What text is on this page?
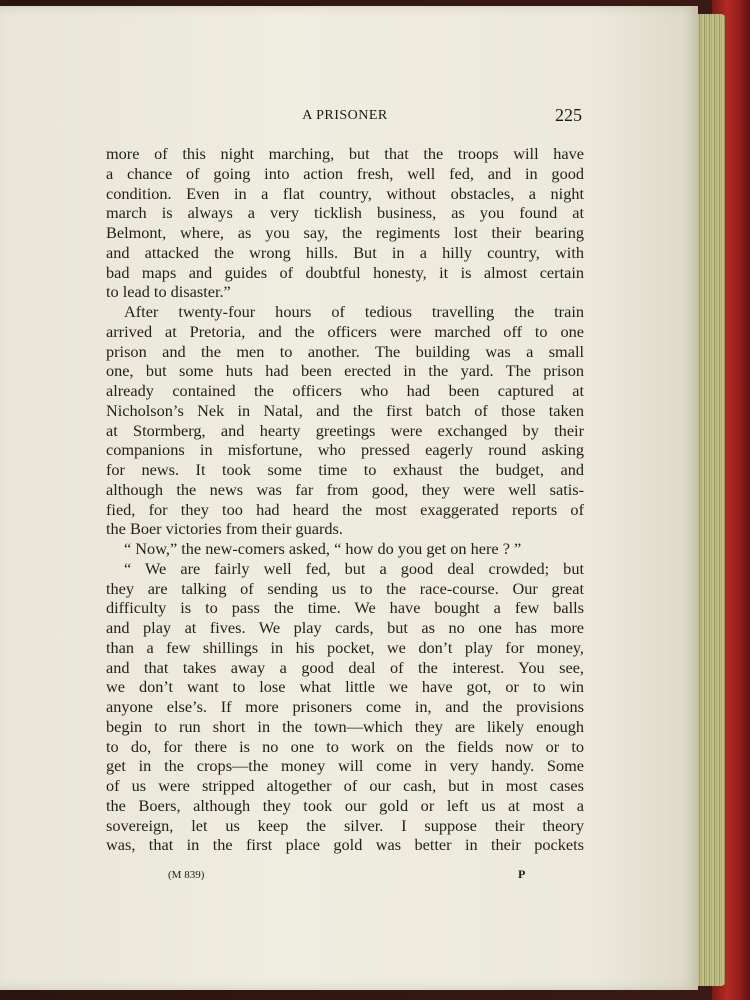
A PRISONER	225
more of this night marching, but that the troops will have
a chance of going into action fresh, well fed, and in good
condition. Even in a flat country, without obstacles, a night
march is always a very ticklish business, as you found at
Belmont, where, as you say, the regiments lost their bearing
and attacked the wrong hills. But in a hilly country, with
bad maps and guides of doubtful honesty, it is almost certain
to lead to disaster.”
After twenty-four hours of tedious travelling the train
arrived at Pretoria, and the officers were marched off to one
prison and the men to another. The building was a small
one, but some huts had been erected in the yard. The prison
already contained the officers who had been captured at
Nicholson’s Nek in Natal, and the first batch of those taken
at Stormberg, and hearty greetings were exchanged by their
companions in misfortune, who pressed eagerly round asking
for news. It took some time to exhaust the budget, and
although the news was far from good, they were well satis-
fied, for they too had heard the most exaggerated reports of
the Boer victories from their guards.
“ Now,” the new-comers asked, “ how do you get on here ? ”
“ We are fairly well fed, but a good deal crowded; but
they are talking of sending us to the race-course. Our great
difficulty is to pass the time. We have bought a few balls
and play at fives. We play cards, but as no one has more
than a few shillings in his pocket, we don’t play for money,
and that takes away a good deal of the interest. You see,
we don’t want to lose what little we have got, or to win
anyone else’s. If more prisoners come in, and the provisions
begin to run short in the town—which they are likely enough
to do, for there is no one to work on the fields now or to
get in the crops—the money will come in very handy. Some
of us were stripped altogether of our cash, but in most cases
the Boers, although they took our gold or left us at most a
sovereign, let us keep the silver. I suppose their theory
was, that in the first place gold was better in their pockets
(M 839)	P
